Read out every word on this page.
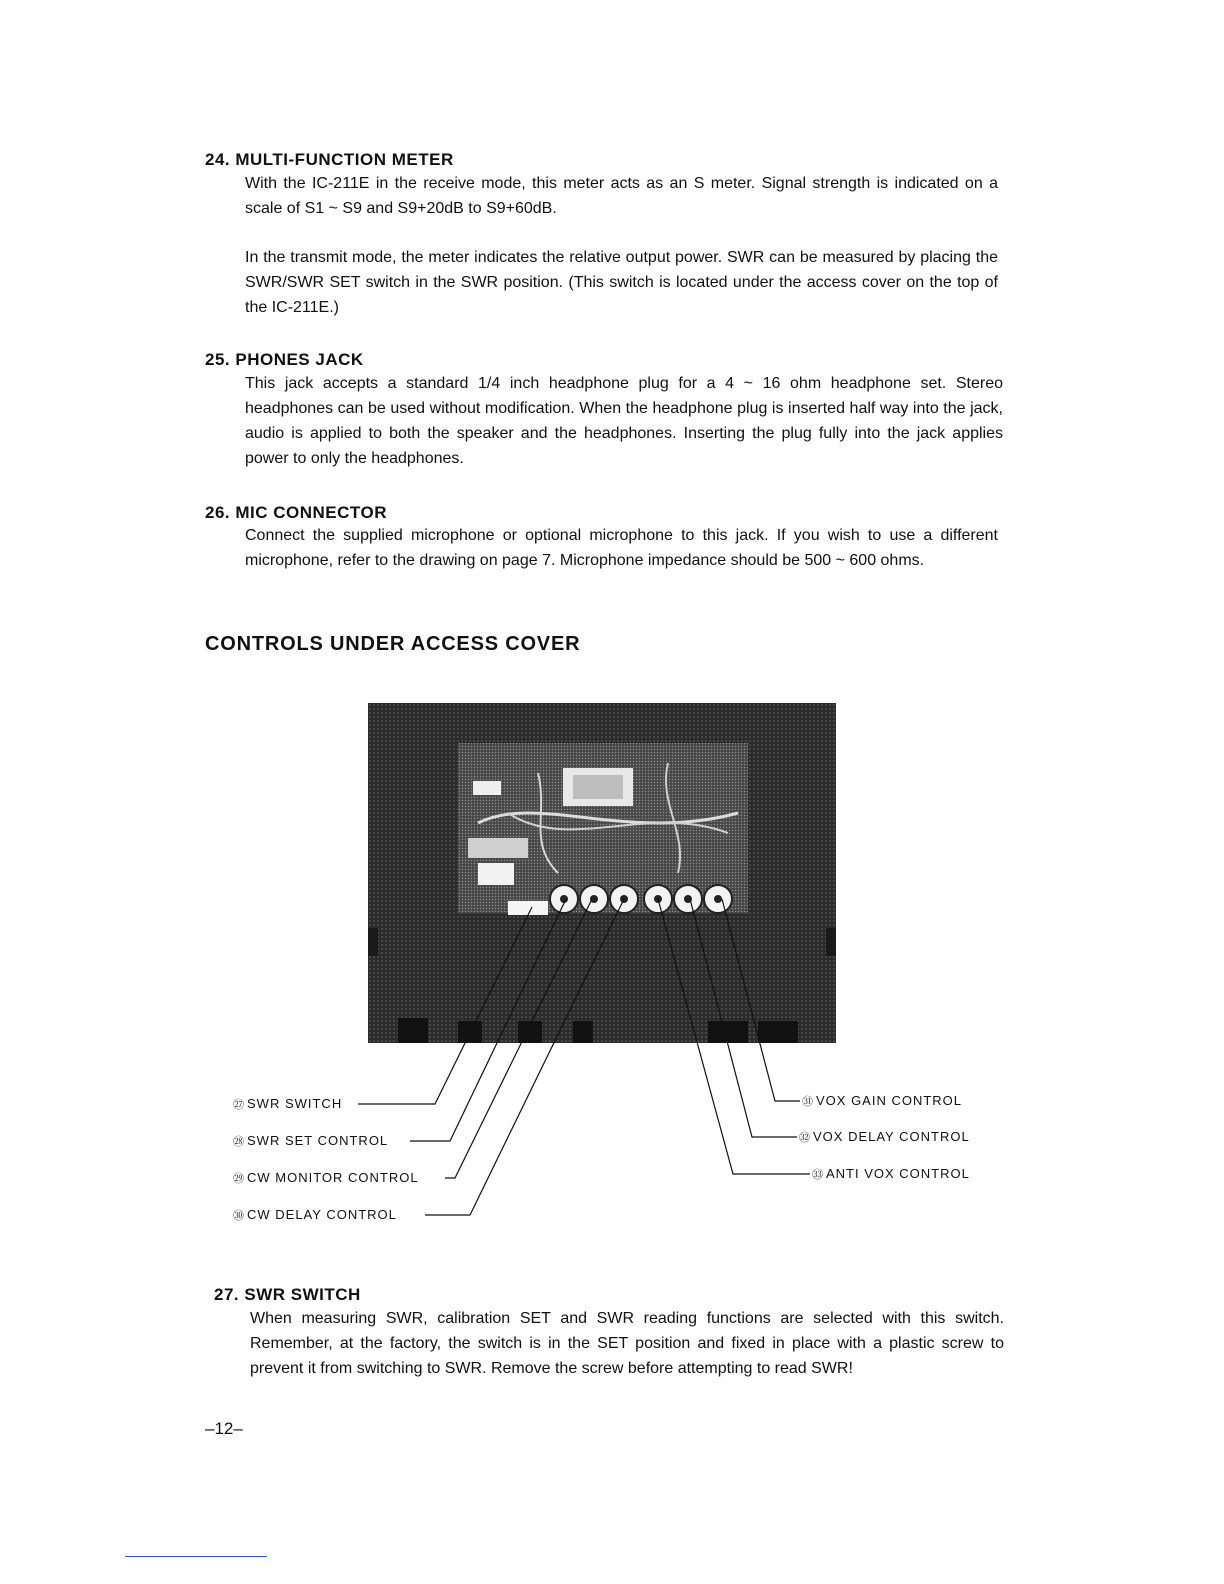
24. MULTI-FUNCTION METER

With the IC-211E in the receive mode, this meter acts as an S meter. Signal strength is indicated on a scale of S1 ~ S9 and S9+20dB to S9+60dB.

In the transmit mode, the meter indicates the relative output power. SWR can be measured by placing the SWR/SWR SET switch in the SWR position. (This switch is located under the access cover on the top of the IC-211E.)

25. PHONES JACK

This jack accepts a standard 1/4 inch headphone plug for a 4 ~ 16 ohm headphone set. Stereo headphones can be used without modification. When the headphone plug is inserted half way into the jack, audio is applied to both the speaker and the headphones. Inserting the plug fully into the jack applies power to only the headphones.

26. MIC CONNECTOR

Connect the supplied microphone or optional microphone to this jack. If you wish to use a different microphone, refer to the drawing on page 7. Microphone impedance should be 500 ~ 600 ohms.

CONTROLS UNDER ACCESS COVER
㉗ SWR SWITCH
㉘ SWR SET CONTROL
㉙ CW MONITOR CONTROL
㉚ CW DELAY CONTROL
㉛ VOX GAIN CONTROL
㉜ VOX DELAY CONTROL
㉝ ANTI VOX CONTROL
27. SWR SWITCH

When measuring SWR, calibration SET and SWR reading functions are selected with this switch. Remember, at the factory, the switch is in the SET position and fixed in place with a plastic screw to prevent it from switching to SWR. Remove the screw before attempting to read SWR!

–12–
